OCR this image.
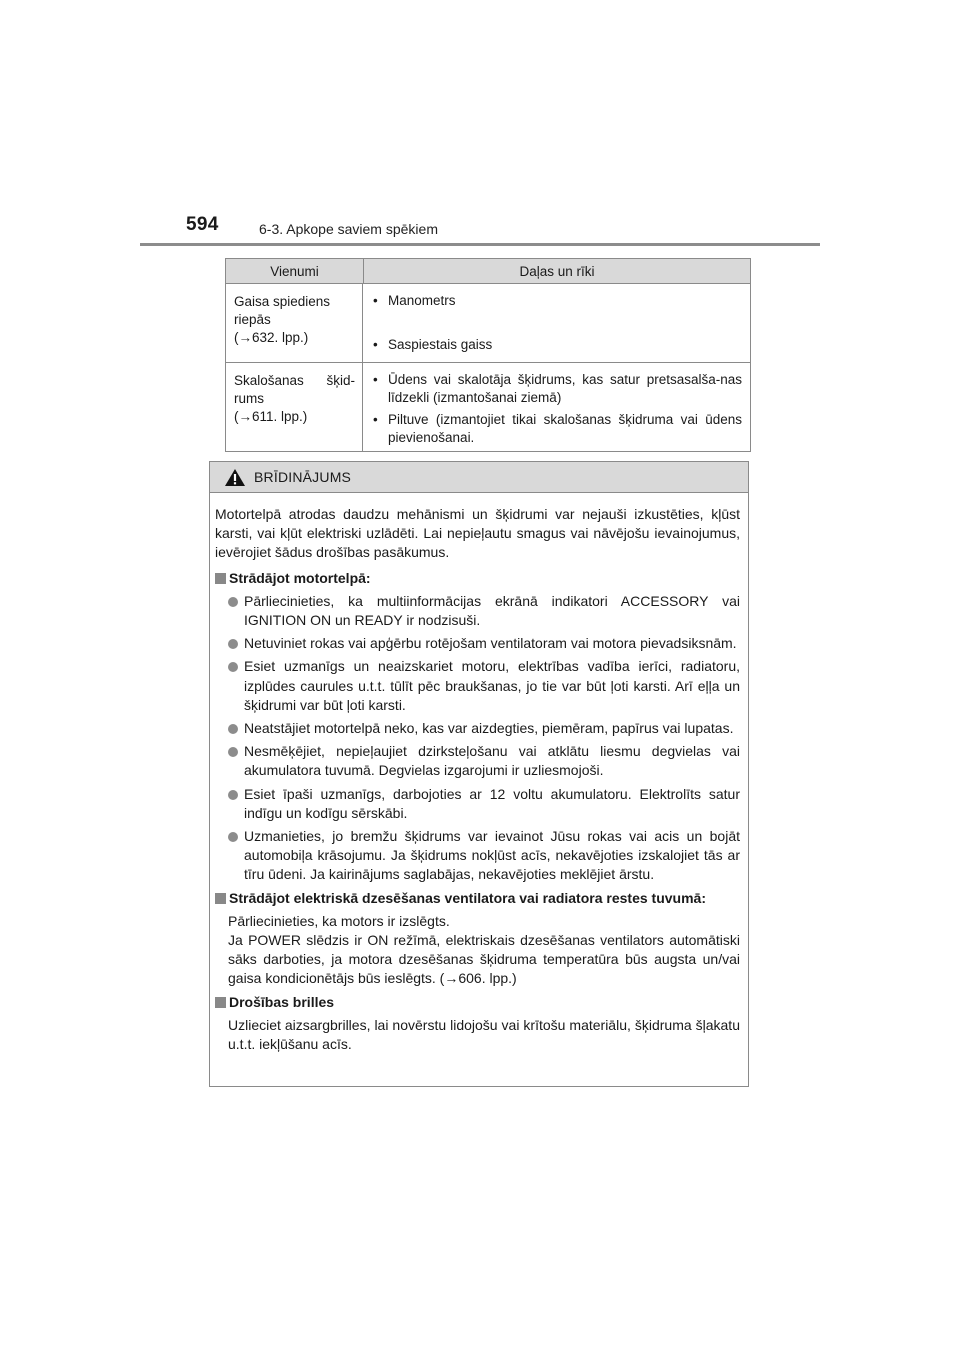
594	6-3. Apkope saviem spēkiem
Vienumi	Daļas un rīki
Gaisa spiediens
riepās
(→632. lpp.)
• Manometrs
• Saspiestais gaiss
Skalošanas šķid-
rums
(→611. lpp.)
• Ūdens vai skalotāja šķidrums, kas satur pretsasalša-nas līdzekli (izmantošanai ziemā)
• Piltuve (izmantojiet tikai skalošanas šķidruma vai ūdens pievienošanai.
BRĪDINĀJUMS
Motortelpā atrodas daudzu mehānismi un šķidrumi var nejauši izkustēties, kļūst karsti, vai kļūt elektriski uzlādēti. Lai nepieļautu smagus vai nāvējošu ievainojumus, ievērojiet šādus drošības pasākumus.
Strādājot motortelpā:
Pārliecinieties, ka multiinformācijas ekrānā indikatori ACCESSORY vai IGNITION ON un READY ir nodzisuši.
Netuviniet rokas vai apģērbu rotējošam ventilatoram vai motora pievadsiksnām.
Esiet uzmanīgs un neaizskariet motoru, elektrības vadība ierīci, radiatoru, izplūdes caurules u.t.t. tūlīt pēc braukšanas, jo tie var būt ļoti karsti. Arī eļļa un šķidrumi var būt ļoti karsti.
Neatstājiet motortelpā neko, kas var aizdegties, piemēram, papīrus vai lupatas.
Nesmēķējiet, nepieļaujiet dzirksteļošanu vai atklātu liesmu degvielas vai akumulatora tuvumā. Degvielas izgarojumi ir uzliesmojoši.
Esiet īpaši uzmanīgs, darbojoties ar 12 voltu akumulatoru. Elektrolīts satur indīgu un kodīgu sērskābi.
Uzmanieties, jo bremžu šķidrums var ievainot Jūsu rokas vai acis un bojāt automobiļa krāsojumu. Ja šķidrums nokļūst acīs, nekavējoties izskalojiet tās ar tīru ūdeni. Ja kairinājums saglabājas, nekavējoties meklējiet ārstu.
Strādājot elektriskā dzesēšanas ventilatora vai radiatora restes tuvumā:
Pārliecinieties, ka motors ir izslēgts.
Ja POWER slēdzis ir ON režīmā, elektriskais dzesēšanas ventilators automātiski sāks darboties, ja motora dzesēšanas šķidruma temperatūra būs augsta un/vai gaisa kondicionētājs būs ieslēgts. (→606. lpp.)
Drošības brilles
Uzlieciet aizsargbrilles, lai novērstu lidojošu vai krītošu materiālu, šķidruma šļakatu u.t.t. iekļūšanu acīs.
